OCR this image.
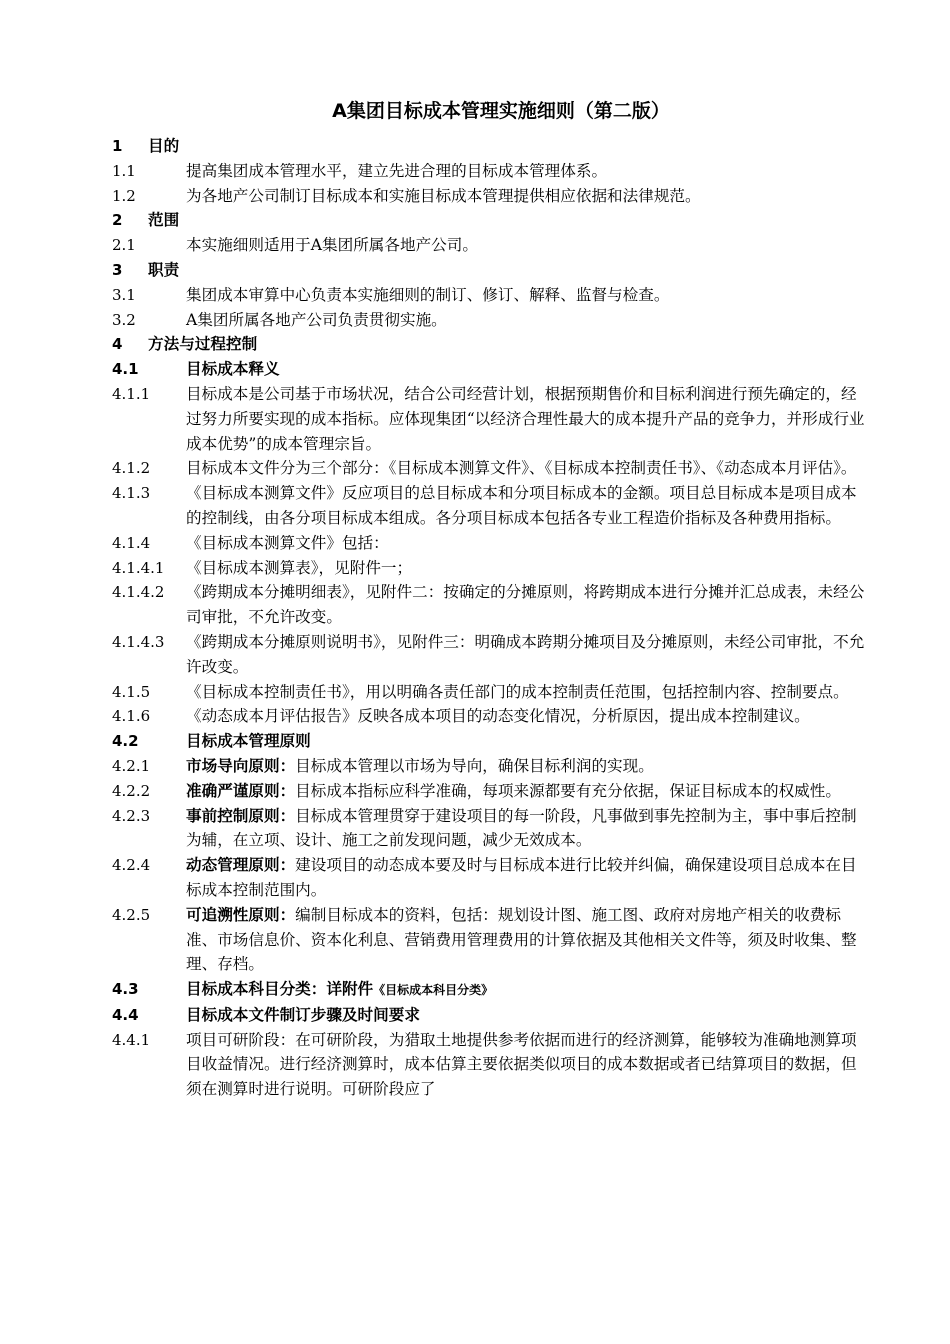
A集团目标成本管理实施细则（第二版）
1	目的
1.1	提高集团成本管理水平，建立先进合理的目标成本管理体系。
1.2	为各地产公司制订目标成本和实施目标成本管理提供相应依据和法律规范。
2	范围
2.1	本实施细则适用于A集团所属各地产公司。
3	职责
3.1	集团成本审算中心负责本实施细则的制订、修订、解释、监督与检查。
3.2	A集团所属各地产公司负责贯彻实施。
4	方法与过程控制
4.1	目标成本释义
4.1.1	目标成本是公司基于市场状况，结合公司经营计划，根据预期售价和目标利润进行预先确定的，经过努力所要实现的成本指标。应体现集团“以经济合理性最大的成本提升产品的竞争力，并形成行业成本优势”的成本管理宗旨。
4.1.2	目标成本文件分为三个部分：《目标成本测算文件》、《目标成本控制责任书》、《动态成本月评估》。
4.1.3	《目标成本测算文件》反应项目的总目标成本和分项目标成本的金额。项目总目标成本是项目成本的控制线，由各分项目标成本组成。各分项目标成本包括各专业工程造价指标及各种费用指标。
4.1.4	《目标成本测算文件》包括：
4.1.4.1	《目标成本测算表》，见附件一；
4.1.4.2	《跨期成本分摊明细表》，见附件二：按确定的分摊原则，将跨期成本进行分摊并汇总成表，未经公司审批，不允许改变。
4.1.4.3	《跨期成本分摊原则说明书》，见附件三：明确成本跨期分摊项目及分摊原则，未经公司审批，不允许改变。
4.1.5	《目标成本控制责任书》，用以明确各责任部门的成本控制责任范围，包括控制内容、控制要点。
4.1.6	《动态成本月评估报告》反映各成本项目的动态变化情况，分析原因，提出成本控制建议。
4.2	目标成本管理原则
4.2.1	市场导向原则：目标成本管理以市场为导向，确保目标利润的实现。
4.2.2	准确严谨原则：目标成本指标应科学准确，每项来源都要有充分依据，保证目标成本的权威性。
4.2.3	事前控制原则：目标成本管理贯穿于建设项目的每一阶段，凡事做到事先控制为主，事中事后控制为辅，在立项、设计、施工之前发现问题，减少无效成本。
4.2.4	动态管理原则：建设项目的动态成本要及时与目标成本进行比较并纠偏，确保建设项目总成本在目标成本控制范围内。
4.2.5	可追溯性原则：编制目标成本的资料，包括：规划设计图、施工图、政府对房地产相关的收费标准、市场信息价、资本化利息、营销费用管理费用的计算依据及其他相关文件等，须及时收集、整理、存档。
4.3	目标成本科目分类：详附件《目标成本科目分类》
4.4	目标成本文件制订步骤及时间要求
4.4.1	项目可研阶段：在可研阶段，为猎取土地提供参考依据而进行的经济测算，能够较为准确地测算项目收益情况。进行经济测算时，成本估算主要依据类似项目的成本数据或者已结算项目的数据，但须在测算时进行说明。可研阶段应了
